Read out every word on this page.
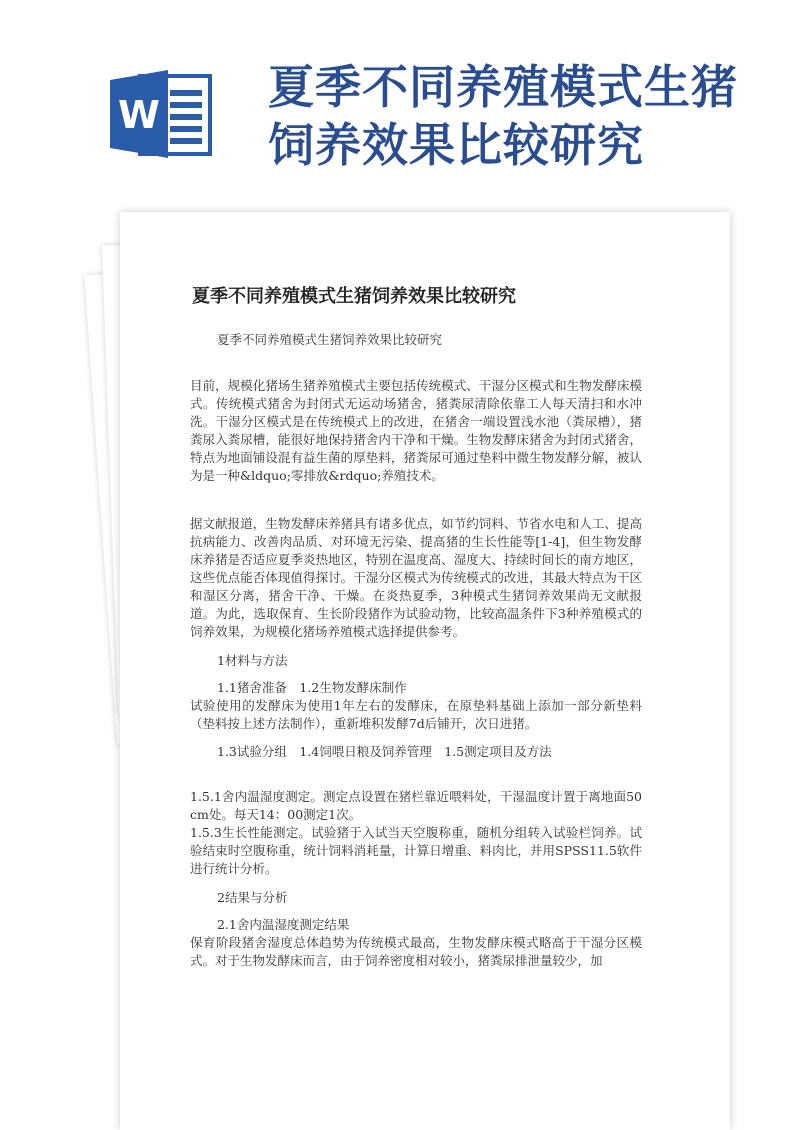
W
夏季不同养殖模式生猪饲养效果比较研究
夏季不同养殖模式生猪饲养效果比较研究

夏季不同养殖模式生猪饲养效果比较研究

目前，规模化猪场生猪养殖模式主要包括传统模式、干湿分区模式和生物发酵床模式。传统模式猪舍为封闭式无运动场猪舍，猪粪尿清除依靠工人每天清扫和水冲洗。干湿分区模式是在传统模式上的改进，在猪舍一端设置浅水池（粪尿槽），猪粪尿入粪尿槽，能很好地保持猪舍内干净和干燥。生物发酵床猪舍为封闭式猪舍，特点为地面铺设混有益生菌的厚垫料，猪粪尿可通过垫料中微生物发酵分解，被认为是一种&ldquo;零排放&rdquo;养殖技术。

据文献报道，生物发酵床养猪具有诸多优点，如节约饲料、节省水电和人工、提高抗病能力、改善肉品质、对环境无污染、提高猪的生长性能等[1-4]，但生物发酵床养猪是否适应夏季炎热地区，特别在温度高、湿度大、持续时间长的南方地区，这些优点能否体现值得探讨。干湿分区模式为传统模式的改进，其最大特点为干区和湿区分离，猪舍干净、干燥。在炎热夏季，3种模式生猪饲养效果尚无文献报道。为此，选取保育、生长阶段猪作为试验动物，比较高温条件下3种养殖模式的饲养效果，为规模化猪场养殖模式选择提供参考。

1材料与方法

1.1猪舍准备　1.2生物发酵床制作

试验使用的发酵床为使用1年左右的发酵床，在原垫料基础上添加一部分新垫料（垫料按上述方法制作），重新堆积发酵7d后铺开，次日进猪。

1.3试验分组　1.4饲喂日粮及饲养管理　1.5测定项目及方法

1.5.1舍内温湿度测定。测定点设置在猪栏靠近喂料处，干湿温度计置于离地面50 cm处。每天14：00测定1次。

1.5.3生长性能测定。试验猪于入试当天空腹称重，随机分组转入试验栏饲养。试验结束时空腹称重，统计饲料消耗量，计算日增重、料肉比，并用SPSS11.5软件进行统计分析。

2结果与分析

2.1舍内温湿度测定结果

保育阶段猪舍湿度总体趋势为传统模式最高，生物发酵床模式略高于干湿分区模式。对于生物发酵床而言，由于饲养密度相对较小，猪粪尿排泄量较少，加
